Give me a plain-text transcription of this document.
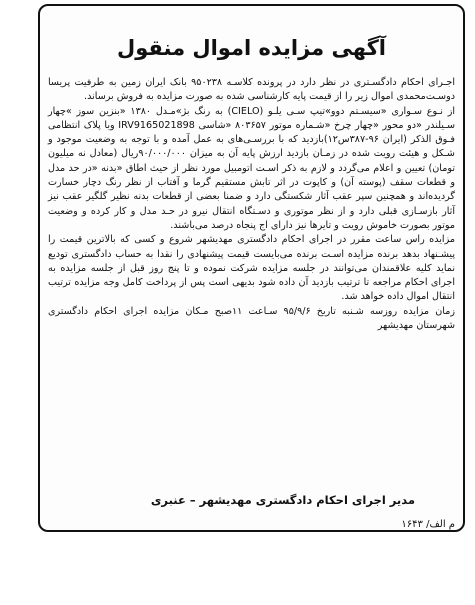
آگهی مزایده اموال منقول

اجـرای احکام دادگسـتری در نظر دارد در پرونده کلاسـه ۹۵۰۲۳۸ بانک ایران زمین به طرفیت پریسا دوسـت‌محمدی اموال زیر را از قیمت پایه کارشناسی شده به صورت مزایده به فروش برساند.

از نـوع سـواری «سیسـتم دوو»تیپ سـی یلـو (CIELO) به رنگ بژ»مـدل ۱۳۸۰ «بنزین سوز »چهار سـیلندر «دو محور «چهار چرخ «شـماره موتور ۸۰۳۶۵۷ «شاسی IRV9165021898 وبا پلاک انتظامی فـوق الذکر (ایران ۹۶-۳۸۷س۱۲)بازدید که با بررسـی‌های به عمل آمده و با توجه به وضعیت موجود و شـکل و هیئت رویت شده در زمـان بازدید ارزش پایه آن به میزان ۹۰/۰۰۰/۰۰۰ریال (معادل نه میلیون تومان) تعیین و اعلام می‌گردد و لازم به ذکر اسـت اتومبیل مورد نظر از حیث اطاق «بدنه «در حد مدل و قطعات سقف (پوسته آن) و کاپوت در اثر تابش مستقیم گرما و آفتاب از نظر رنگ دچار خسارت گردیده‌اند و همچنین سپر عقب آثار شکستگی دارد و ضمنا بعضی از قطعات بدنه نظیر گلگیر عقب نیز آثار بازسـازی قبلی دارد و از نظر موتوری و دسـتگاه انتقال نیرو در حـد مدل و کار کرده و وضعیت موتور بصورت خاموش رویت و تایرها نیز دارای اج پنجاه درصد می‌باشند.

مزایده راس ساعت مقرر در اجرای احکام دادگستری مهدیشهر شروع و کسی که بالاترین قیمت را پیشـنهاد بدهد برنده مزایده اسـت برنده می‌بایست قیمت پیشنهادی را نقدا به حساب دادگستری تودیع نماید کلیه علاقمندان می‌توانند در جلسه مزایده شرکت نموده و تا پنج روز قبل از جلسه مزایده به اجرای احکام مراجعه تا ترتیب بازدید آن داده شود بدیهی است پس از پرداخت کامل وجه مزایده ترتیب انتقال اموال داده خواهد شد.

زمان مزایده روزسه شـنبه تاریخ ۹۵/۹/۶ سـاعت ۱۱صبح مـکان مزایده اجرای احکام دادگستری شهرستان مهدیشهر

مدیر اجرای احکام دادگستری مهدیشهر – عنبری
م الف/ ۱۶۴۳
